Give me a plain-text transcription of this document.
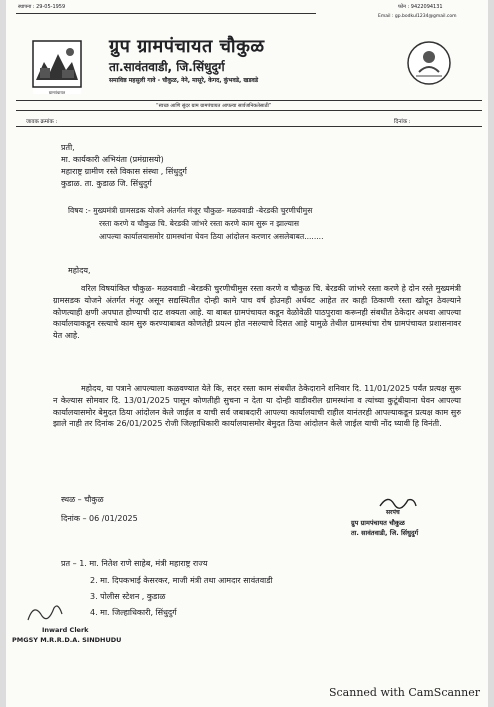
स्थापना : 29-05-1959	फोन : 9422094131
Email : gp.bodkul1234@gmail.com
ग्रामपंचायत
ग्रुप ग्रामपंचायत चौकुळ
ता.सावंतवाडी, जि.सिंधुदुर्ग
समाविष्ठ महसुली गावे - चौकुळ, नेने, मासूरे, केगद, कुंभवडे, खडवडे
“स्वच्छ आणि सुंदर ग्राम ग्रामपंचायत आपल्या सार्वजनिकतेसाठी”
जावक क्रमांक :	दिनांक :
प्रती,
मा. कार्यकारी अभियंता (प्रमंग्रासयो)
महाराष्ट्र ग्रामीण रस्ते विकास संस्था , सिंधुदुर्ग
कुडाळ. ता. कुडाळ जि. सिंधुदुर्ग
विषय :- मुख्यमंत्री ग्रामसडक योजने अंतर्गत मंजूर चौकुळ- मळववाडी -बेरडकी चुरणीचीमुस
रस्ता करणे व चौकुळ चि. बेरडकी जांभरे रस्ता करणे काम सुरू न झाल्यास
आपल्या कार्यालयासमोर ग्रामस्थांना घेवन ठिया आंदोलन करणार असलेबाबत........
महोदय,
वरिल विषयांकित चौकुळ- मळववाडी -बेरडकी चुरणीचीमुस रस्ता करणे व चौकुळ चि. बेरडकी जांभरे रस्ता करणे हे दोन रस्ते मुख्यमंत्री ग्रामसडक योजने अंतर्गत मंजूर असून सद्यस्थितीत दोन्ही कामे पाच वर्ष होउनही अर्धवट आहेत तर काही ठिकाणी रस्ता खोदून ठेवल्याने कोणत्याही क्षणी अपघात होण्याची दाट शक्यता आहे. या बाबत ग्रामपंचायत कडून वेळोवेळी पाठपुरावा करूनही संबधीत ठेकेदार अथवा आपल्या कार्यालयाकडून रस्त्याचे काम सुरु करण्याबाबत कोणतेही प्रयत्न होत नसल्याचे दिसत आहे यामुळे तेथील ग्रामस्थांचा रोष ग्रामपंचायत प्रशासनावर येत आहे.
महोदय, या पत्राने आपल्याला कळवण्यात येते कि, सदर रस्ता काम संबधीत ठेकेदाराने शनिवार दि. 11/01/2025 पर्यंत प्रत्यक्ष सुरू न केल्यास सोमवार दि. 13/01/2025 पासून कोणतीही सुचना न देता या दोन्ही वाडीवरील ग्रामस्थांना व त्यांच्या कुटूंबीयाना घेवन आपल्या कार्यालयासमोर बेमुदत ठिया आंदोलन केले जाईल व याची सर्व जबाबदारी आपल्या कार्यालयाची राहील यानंतरही आपल्याकडून प्रत्यक्ष काम सुरु झाले नाही तर दिनांक 26/01/2025 रोजी जिल्हाधिकारी कार्यालयासमोर बेमुदत ठिया आंदोलन केले जाईल याची नोंद घ्यावी हि विनंती.
स्थळ – चौकुळ
दिनांक – 06 /01/2025
सरपंच
ग्रुप ग्रामपंचायत चौकुळ
ता. सावंतवाडी, जि. सिंधुदुर्ग
प्रत – 1. मा. नितेश राणे साहेब, मंत्री महाराष्ट्र राज्य
2. मा. दिपकभाई केसरकर, माजी मंत्री तथा आमदार सावंतवाडी
3. पोलीस स्टेशन , कुडाळ
4. मा. जिल्हाधिकारी, सिंधुदुर्ग
Inward Clerk
PMGSY M.R.R.D.A. SINDHUDU
Scanned with CamScanner
